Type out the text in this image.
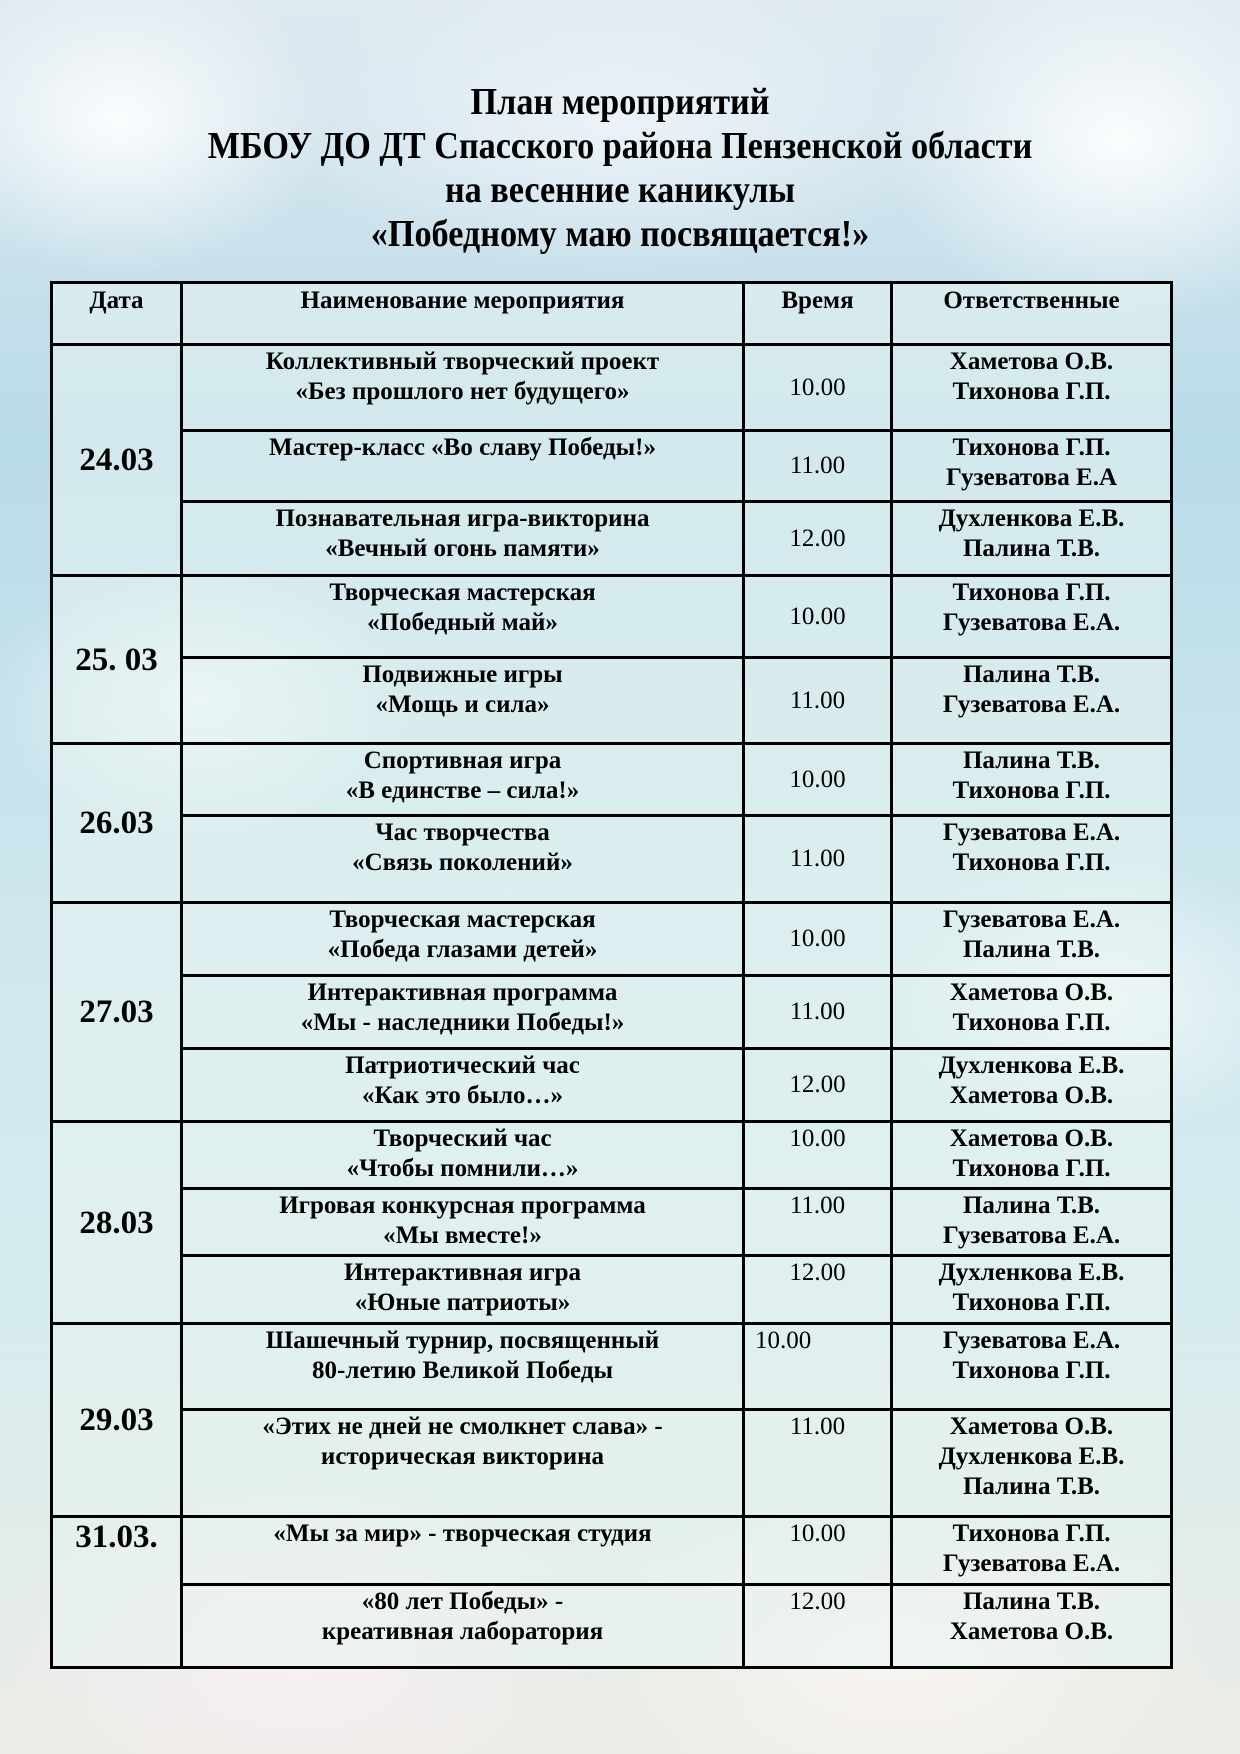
План мероприятий
МБОУ ДО ДТ Спасского района Пензенской области
на весенние каникулы
«Победному маю посвящается!»
Дата	Наименование мероприятия	Время	Ответственные
24.03	Коллективный творческий проект
«Без прошлого нет будущего»	10.00	Хаметова О.В.
Тихонова Г.П.

	Мастер-класс «Во славу Победы!»	11.00	Тихонова Г.П.
Гузеватова Е.А

	Познавательная игра-викторина
«Вечный огонь памяти»	12.00	Духленкова Е.В.
Палина Т.В.

25. 03	Творческая мастерская
«Победный май»	10.00	Тихонова Г.П.
Гузеватова Е.А.

	Подвижные игры
«Мощь и сила»	11.00	Палина Т.В.
Гузеватова Е.А.

26.03	Спортивная игра
«В единстве – сила!»	10.00	Палина Т.В.
Тихонова Г.П.

	Час творчества
«Связь поколений»	11.00	Гузеватова Е.А.
Тихонова Г.П.

27.03	Творческая мастерская
«Победа глазами детей»	10.00	Гузеватова Е.А.
Палина Т.В.

	Интерактивная программа
«Мы - наследники Победы!»	11.00	Хаметова О.В.
Тихонова Г.П.

	Патриотический час
«Как это было…»	12.00	Духленкова Е.В.
Хаметова О.В.

28.03	Творческий час
«Чтобы помнили…»	10.00	Хаметова О.В.
Тихонова Г.П.

	Игровая конкурсная программа
«Мы вместе!»	11.00	Палина Т.В.
Гузеватова Е.А.

	Интерактивная игра
«Юные патриоты»	12.00	Духленкова Е.В.
Тихонова Г.П.

29.03	Шашечный турнир, посвященный
80-летию Великой Победы	10.00	Гузеватова Е.А.
Тихонова Г.П.

	«Этих не дней не смолкнет слава» -
историческая викторина	11.00	Хаметова О.В.
Духленкова Е.В.
Палина Т.В.

31.03.	«Мы за мир» - творческая студия	10.00	Тихонова Г.П.
Гузеватова Е.А.

	«80 лет Победы» -
креативная лаборатория	12.00	Палина Т.В.
Хаметова О.В.
